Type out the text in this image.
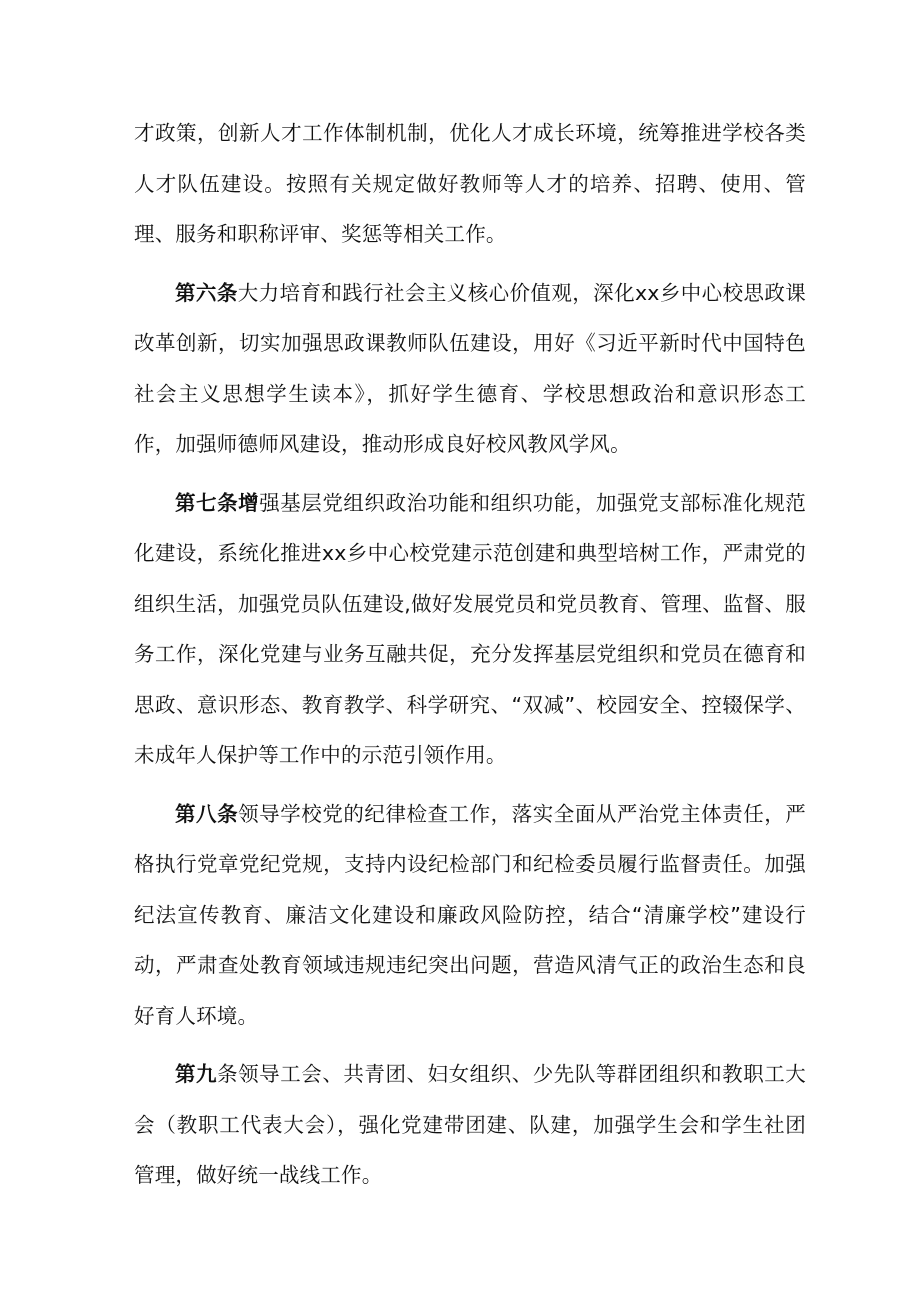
才政策，创新人才工作体制机制，优化人才成长环境，统筹推进学校各类人才队伍建设。按照有关规定做好教师等人才的培养、招聘、使用、管理、服务和职称评审、奖惩等相关工作。

第六条大力培育和践行社会主义核心价值观，深化xx乡中心校思政课改革创新，切实加强思政课教师队伍建设，用好《习近平新时代中国特色社会主义思想学生读本》，抓好学生德育、学校思想政治和意识形态工作，加强师德师风建设，推动形成良好校风教风学风。

第七条增强基层党组织政治功能和组织功能，加强党支部标准化规范化建设，系统化推进xx乡中心校党建示范创建和典型培树工作，严肃党的组织生活，加强党员队伍建设,做好发展党员和党员教育、管理、监督、服务工作，深化党建与业务互融共促，充分发挥基层党组织和党员在德育和思政、意识形态、教育教学、科学研究、“双减”、校园安全、控辍保学、未成年人保护等工作中的示范引领作用。

第八条领导学校党的纪律检查工作，落实全面从严治党主体责任，严格执行党章党纪党规，支持内设纪检部门和纪检委员履行监督责任。加强纪法宣传教育、廉洁文化建设和廉政风险防控，结合“清廉学校”建设行动，严肃查处教育领域违规违纪突出问题，营造风清气正的政治生态和良好育人环境。

第九条领导工会、共青团、妇女组织、少先队等群团组织和教职工大会（教职工代表大会），强化党建带团建、队建，加强学生会和学生社团管理，做好统一战线工作。
